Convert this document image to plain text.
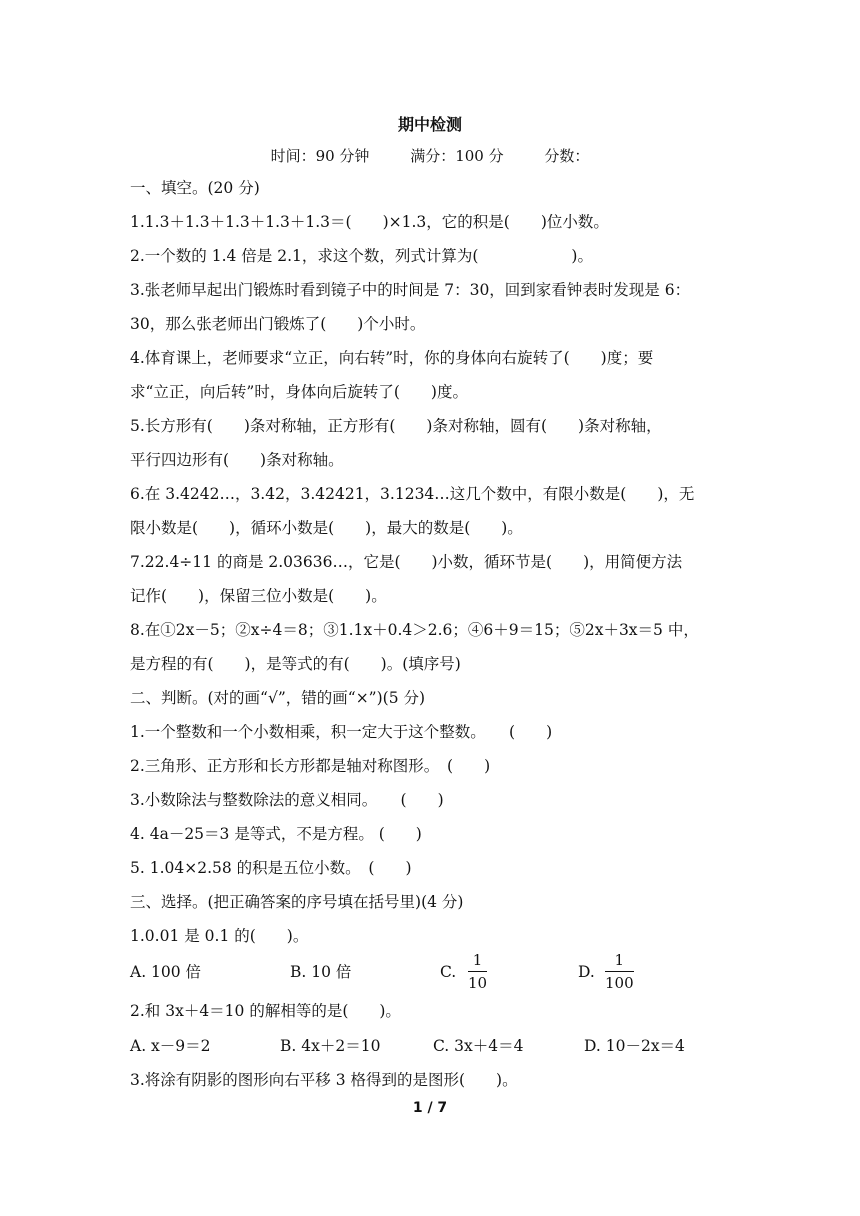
期中检测
时间：90 分钟	满分：100 分	分数：
一、填空。(20 分)
1.1.3＋1.3＋1.3＋1.3＋1.3＝(　　)×1.3，它的积是(　　)位小数。
2.一个数的 1.4 倍是 2.1，求这个数，列式计算为(　　　　　　)。
3.张老师早起出门锻炼时看到镜子中的时间是 7：30，回到家看钟表时发现是 6：
30，那么张老师出门锻炼了(　　)个小时。
4.体育课上，老师要求“立正，向右转”时，你的身体向右旋转了(　　)度；要
求“立正，向后转”时，身体向后旋转了(　　)度。
5.长方形有(　　)条对称轴，正方形有(　　)条对称轴，圆有(　　)条对称轴，
平行四边形有(　　)条对称轴。
6.在 3.4242…，3.42，3.42421，3.1234…这几个数中，有限小数是(　　)，无
限小数是(　　)，循环小数是(　　)，最大的数是(　　)。
7.22.4÷11 的商是 2.03636…，它是(　　)小数，循环节是(　　)，用简便方法
记作(　　)，保留三位小数是(　　)。
8.在①2x－5；②x÷4＝8；③1.1x＋0.4＞2.6；④6＋9＝15；⑤2x＋3x＝5 中，
是方程的有(　　)，是等式的有(　　)。(填序号)
二、判断。(对的画“√”，错的画“×”)(5 分)
1.一个整数和一个小数相乘，积一定大于这个整数。　　(　　)
2.三角形、正方形和长方形都是轴对称图形。　(　　)
3.小数除法与整数除法的意义相同。　　(　　)
4. 4a－25＝3 是等式，不是方程。 (　　)
5. 1.04×2.58 的积是五位小数。　(　　)
三、选择。(把正确答案的序号填在括号里)(4 分)
1.0.01 是 0.1 的(　　)。
A. 100 倍	B. 10 倍	C.
1
10
D.
1
100
2.和 3x＋4＝10 的解相等的是(　　)。
A. x－9＝2	B. 4x＋2＝10	C. 3x＋4＝4	D. 10－2x＝4
3.将涂有阴影的图形向右平移 3 格得到的是图形(　　)。
1 / 7
